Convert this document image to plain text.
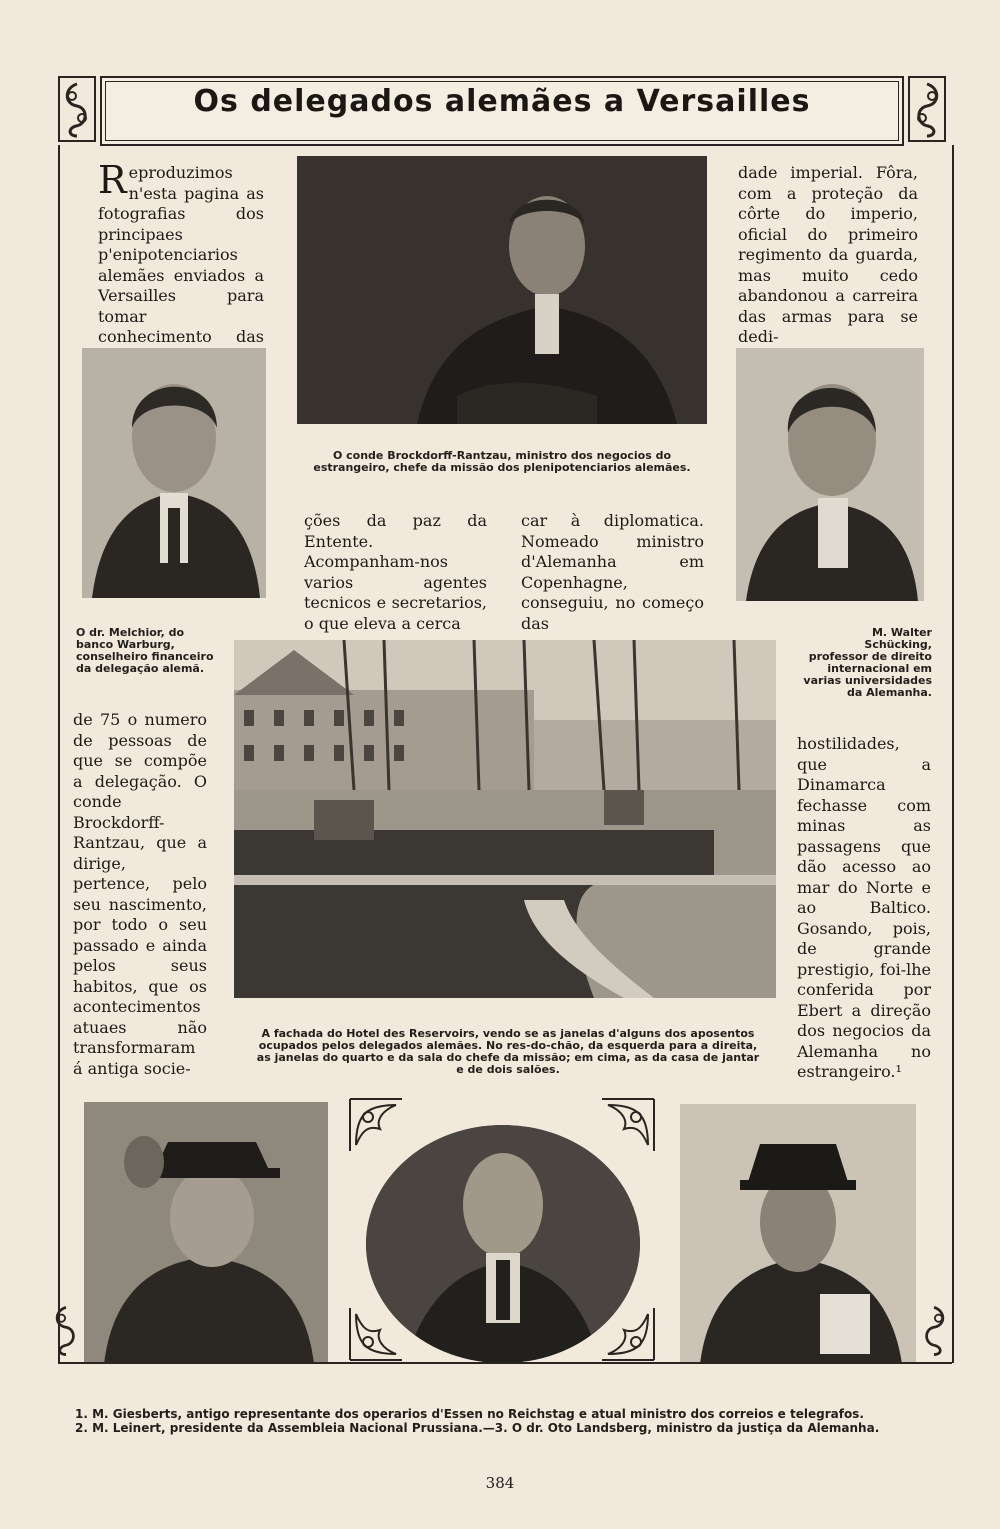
Os delegados alemães a Versailles
Reproduzimos n'esta pagina as fotografias dos principaes p'enipotenciarios alemães enviados a Versailles para tomar conhecimento das
O conde Brockdorff-Rantzau, ministro dos negocios do estrangeiro, chefe da missão dos plenipotenciarios alemães.
dade imperial. Fôra, com a proteção da côrte do imperio, oficial do primeiro regimento da guarda, mas muito cedo abandonou a carreira das armas para se dedi-
O dr. Melchior, do banco Warburg, conselheiro financeiro da delegação alemã.
M. Walter Schücking, professor de direito internacional em varias universidades da Alemanha.
ções da paz da Entente. Acompanham-nos varios agentes tecnicos e secretarios, o que eleva a cerca
car à diplomatica. Nomeado ministro d'Alemanha em Copenhagne, conseguiu, no começo das
A fachada do Hotel des Reservoirs, vendo se as janelas d'alguns dos aposentos ocupados pelos delegados alemães. No res-do-chão, da esquerda para a direita, as janelas do quarto e da sala do chefe da missão; em cima, as da casa de jantar e de dois salões.
de 75 o numero de pessoas de que se compõe a delegação. O conde Brockdorff-Rantzau, que a dirige, pertence, pelo seu nascimento, por todo o seu passado e ainda pelos seus habitos, que os acontecimentos atuaes não transformaram á antiga socie-
hostilidades, que a Dinamarca fechasse com minas as passagens que dão acesso ao mar do Norte e ao Baltico. Gosando, pois, de grande prestigio, foi-lhe conferida por Ebert a direção dos negocios da Alemanha no estrangeiro.¹
1. M. Giesberts, antigo representante dos operarios d'Essen no Reichstag e atual ministro dos correios e telegrafos.
2. M. Leinert, presidente da Assembleia Nacional Prussiana.—3. O dr. Oto Landsberg, ministro da justiça da Alemanha.
384
